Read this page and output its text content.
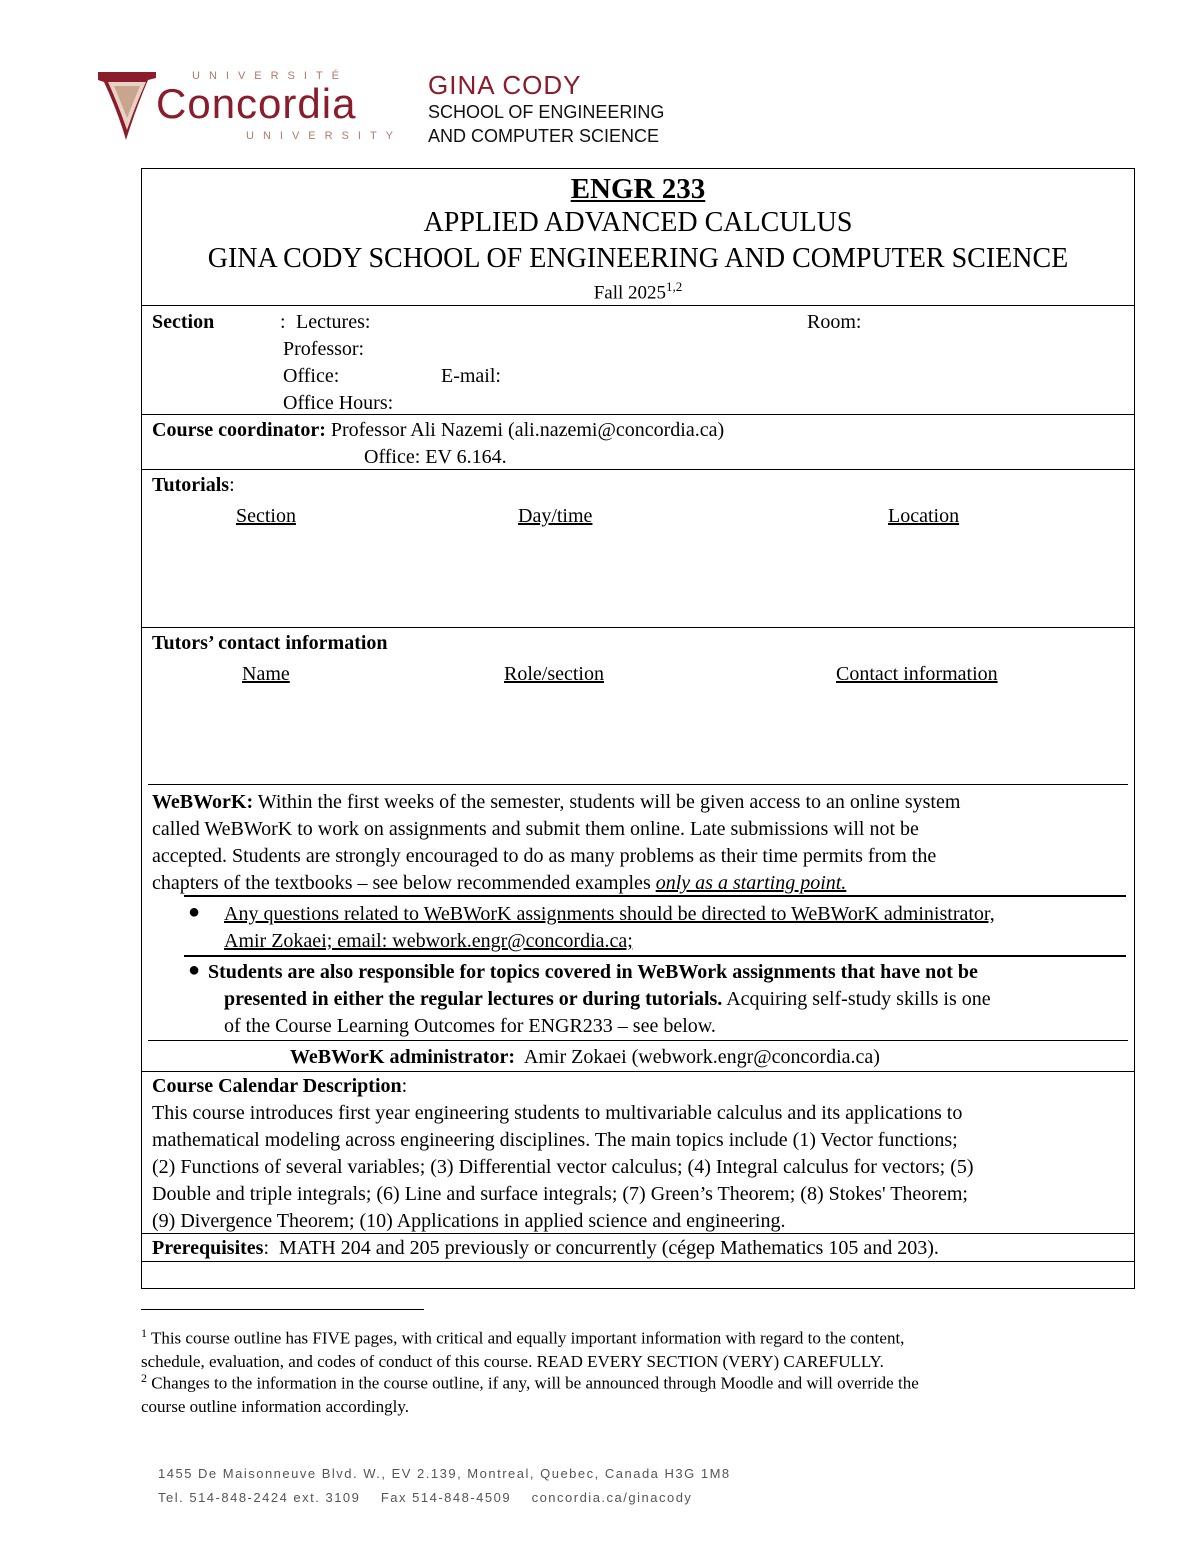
UNIVERSITÉ
Concordia
UNIVERSITY
GINA CODY
SCHOOL OF ENGINEERING
AND COMPUTER SCIENCE
ENGR 233
APPLIED ADVANCED CALCULUS
GINA CODY SCHOOL OF ENGINEERING AND COMPUTER SCIENCE
Fall 2025$^{1,2}$
Section	: Lectures:	Room:
Professor:
Office:	E-mail:
Office Hours:
Course coordinator: Professor Ali Nazemi (ali.nazemi@concordia.ca)
Office: EV 6.164.
Tutorials:
Section	Day/time	Location
Tutors’ contact information
Name	Role/section	Contact information
WeBWorK: Within the first weeks of the semester, students will be given access to an online system
called WeBWorK to work on assignments and submit them online. Late submissions will not be
accepted. Students are strongly encouraged to do as many problems as their time permits from the
chapters of the textbooks – see below recommended examples only as a starting point.
● Any questions related to WeBWorK assignments should be directed to WeBWorK administrator,
Amir Zokaei; email: webwork.engr@concordia.ca;
● Students are also responsible for topics covered in WeBWork assignments that have not be
presented in either the regular lectures or during tutorials. Acquiring self-study skills is one
of the Course Learning Outcomes for ENGR233 – see below.
WeBWorK administrator: Amir Zokaei (webwork.engr@concordia.ca)
Course Calendar Description:
This course introduces first year engineering students to multivariable calculus and its applications to
mathematical modeling across engineering disciplines. The main topics include (1) Vector functions;
(2) Functions of several variables; (3) Differential vector calculus; (4) Integral calculus for vectors; (5)
Double and triple integrals; (6) Line and surface integrals; (7) Green’s Theorem; (8) Stokes' Theorem;
(9) Divergence Theorem; (10) Applications in applied science and engineering.
Prerequisites: MATH 204 and 205 previously or concurrently (cégep Mathematics 105 and 203).
$^1$ This course outline has FIVE pages, with critical and equally important information with regard to the content,
schedule, evaluation, and codes of conduct of this course. READ EVERY SECTION (VERY) CAREFULLY.
$^2$ Changes to the information in the course outline, if any, will be announced through Moodle and will override the
course outline information accordingly.
1455 De Maisonneuve Blvd. W., EV 2.139, Montreal, Quebec, Canada H3G 1M8
Tel. 514-848-2424 ext. 3109 Fax 514-848-4509 concordia.ca/ginacody
